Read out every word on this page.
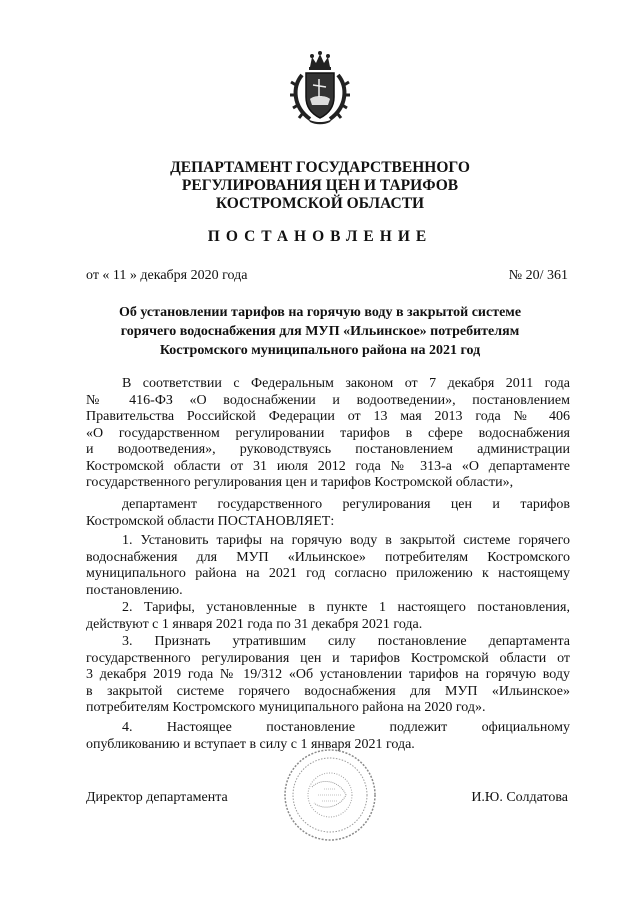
ДЕПАРТАМЕНТ ГОСУДАРСТВЕННОГО
РЕГУЛИРОВАНИЯ ЦЕН И ТАРИФОВ
КОСТРОМСКОЙ ОБЛАСТИ
ПОСТАНОВЛЕНИЕ
от « 11 » декабря 2020 года	№ 20/ 361
Об установлении тарифов на горячую воду в закрытой системе
горячего водоснабжения для МУП «Ильинское» потребителям
Костромского муниципального района на 2021 год
В соответствии с Федеральным законом от 7 декабря 2011 года
№ 416-ФЗ «О водоснабжении и водоотведении», постановлением
Правительства Российской Федерации от 13 мая 2013 года № 406
«О государственном регулировании тарифов в сфере водоснабжения
и водоотведения», руководствуясь постановлением администрации
Костромской области от 31 июля 2012 года № 313-а «О департаменте
государственного регулирования цен и тарифов Костромской области»,
департамент государственного регулирования цен и тарифов
Костромской области ПОСТАНОВЛЯЕТ:
1. Установить тарифы на горячую воду в закрытой системе горячего
водоснабжения для МУП «Ильинское» потребителям Костромского
муниципального района на 2021 год согласно приложению к настоящему
постановлению.
2. Тарифы, установленные в пункте 1 настоящего постановления,
действуют с 1 января 2021 года по 31 декабря 2021 года.
3. Признать утратившим силу постановление департамента
государственного регулирования цен и тарифов Костромской области от
3 декабря 2019 года № 19/312 «Об установлении тарифов на горячую воду
в закрытой системе горячего водоснабжения для МУП «Ильинское»
потребителям Костромского муниципального района на 2020 год».
4. Настоящее постановление подлежит официальному
опубликованию и вступает в силу с 1 января 2021 года.
Директор департамента	И.Ю. Солдатова
